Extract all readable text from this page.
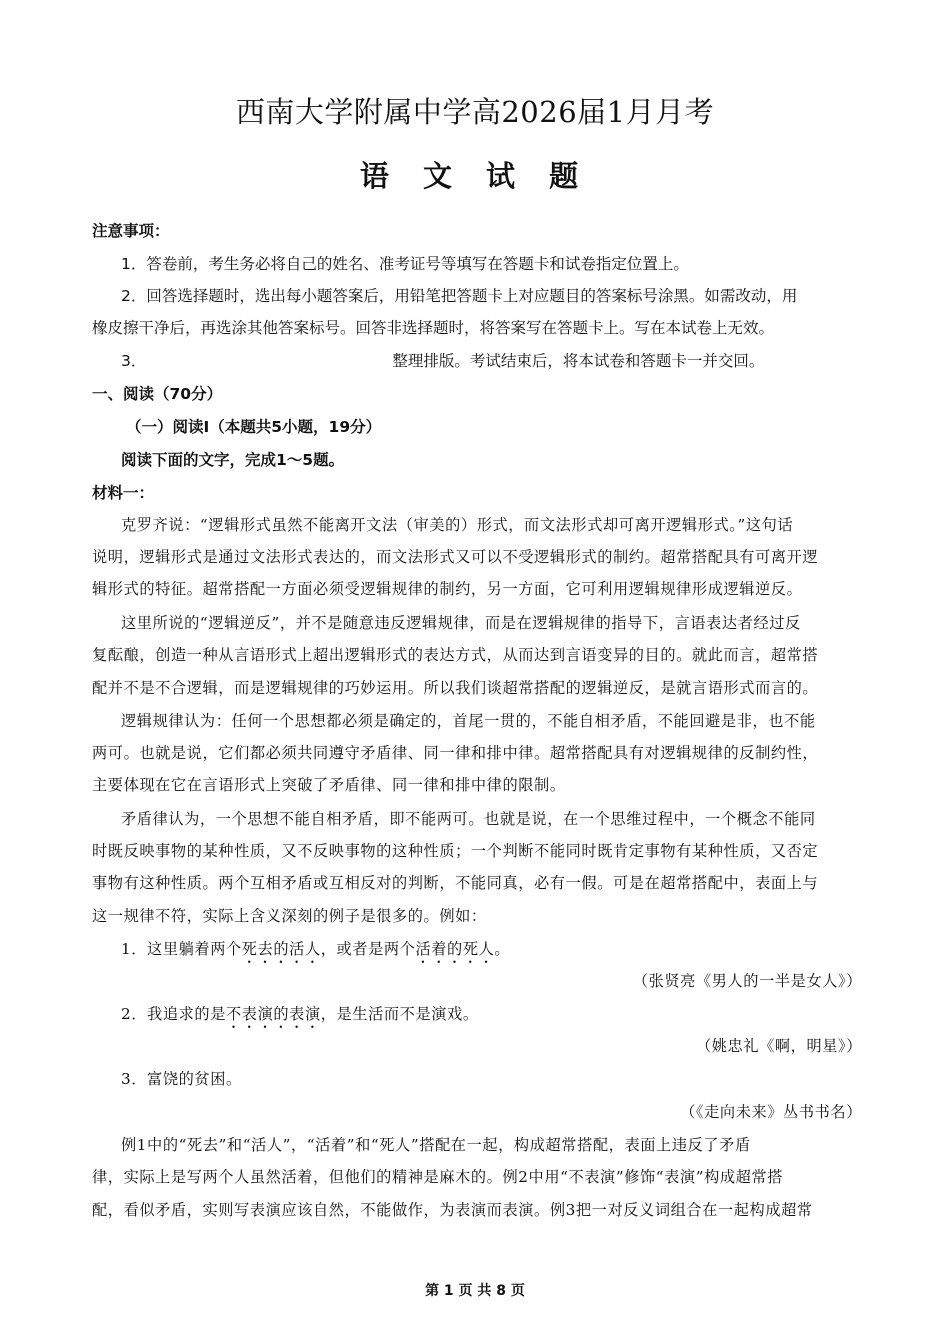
西南大学附属中学高2026届1月月考
语 文 试 题
注意事项：
1．答卷前，考生务必将自己的姓名、准考证号等填写在答题卡和试卷指定位置上。
2．回答选择题时，选出每小题答案后，用铅笔把答题卡上对应题目的答案标号涂黑。如需改动，用
橡皮擦干净后，再选涂其他答案标号。回答非选择题时，将答案写在答题卡上。写在本试卷上无效。
3．	整理排版。考试结束后，将本试卷和答题卡一并交回。
一、阅读（70分）
（一）阅读Ⅰ（本题共5小题，19分）
阅读下面的文字，完成1～5题。
材料一：
克罗齐说：“逻辑形式虽然不能离开文法（审美的）形式，而文法形式却可离开逻辑形式。”这句话
说明，逻辑形式是通过文法形式表达的，而文法形式又可以不受逻辑形式的制约。超常搭配具有可离开逻
辑形式的特征。超常搭配一方面必须受逻辑规律的制约，另一方面，它可利用逻辑规律形成逻辑逆反。
这里所说的“逻辑逆反”，并不是随意违反逻辑规律，而是在逻辑规律的指导下，言语表达者经过反
复酝酿，创造一种从言语形式上超出逻辑形式的表达方式，从而达到言语变异的目的。就此而言，超常搭
配并不是不合逻辑，而是逻辑规律的巧妙运用。所以我们谈超常搭配的逻辑逆反，是就言语形式而言的。
逻辑规律认为：任何一个思想都必须是确定的，首尾一贯的，不能自相矛盾，不能回避是非，也不能
两可。也就是说，它们都必须共同遵守矛盾律、同一律和排中律。超常搭配具有对逻辑规律的反制约性，
主要体现在它在言语形式上突破了矛盾律、同一律和排中律的限制。
矛盾律认为，一个思想不能自相矛盾，即不能两可。也就是说，在一个思维过程中，一个概念不能同
时既反映事物的某种性质，又不反映事物的这种性质；一个判断不能同时既肯定事物有某种性质，又否定
事物有这种性质。两个互相矛盾或互相反对的判断，不能同真，必有一假。可是在超常搭配中，表面上与
这一规律不符，实际上含义深刻的例子是很多的。例如：
1．这里躺着两个死去的活人，或者是两个活着的死人。
（张贤亮《男人的一半是女人》）
2．我追求的是不表演的表演，是生活而不是演戏。
（姚忠礼《啊，明星》）
3．富饶的贫困。
（《走向未来》丛书书名）
例1中的“死去”和“活人”，“活着”和“死人”搭配在一起，构成超常搭配，表面上违反了矛盾
律，实际上是写两个人虽然活着，但他们的精神是麻木的。例2中用“不表演”修饰“表演”构成超常搭
配，看似矛盾，实则写表演应该自然，不能做作，为表演而表演。例3把一对反义词组合在一起构成超常
第 1 页 共 8 页
